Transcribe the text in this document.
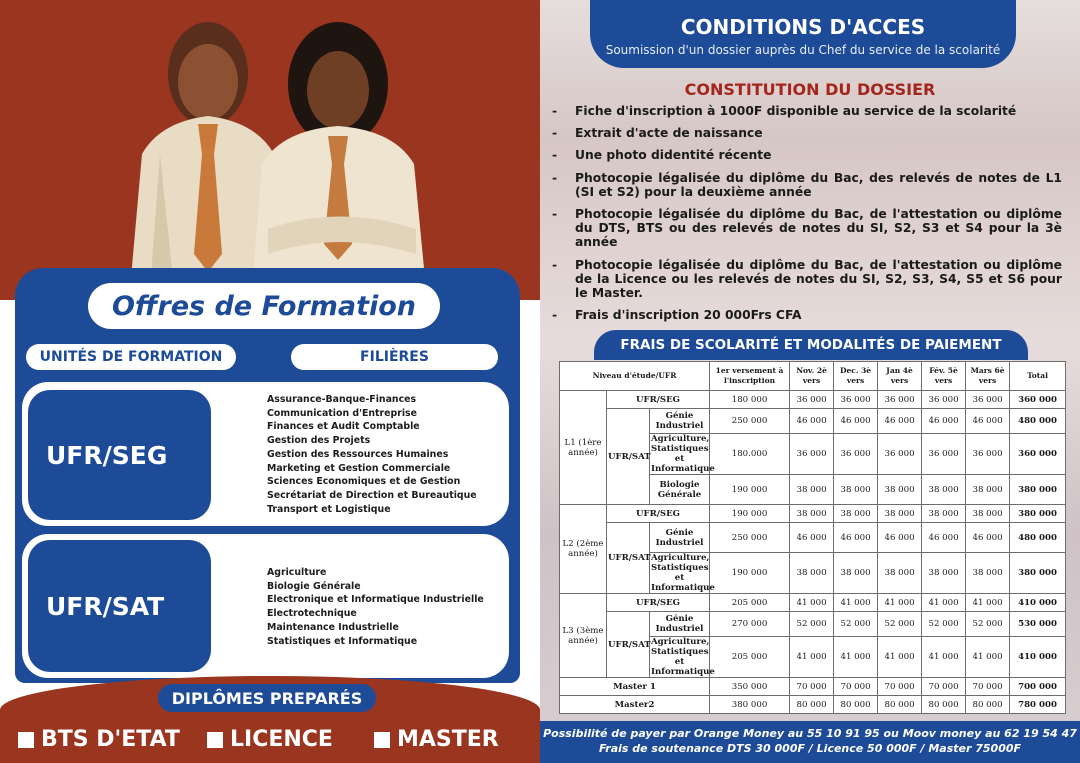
Offres de Formation
UNITÉS DE FORMATION	FILIÈRES
UFR/SEG
Assurance-Banque-Finances
Communication d'Entreprise
Finances et Audit Comptable
Gestion des Projets
Gestion des Ressources Humaines
Marketing et Gestion Commerciale
Sciences Economiques et de Gestion
Secrétariat de Direction et Bureautique
Transport et Logistique
UFR/SAT
Agriculture
Biologie Générale
Electronique et Informatique Industrielle
Electrotechnique
Maintenance Industrielle
Statistiques et Informatique
DIPLÔMES PREPARÉS
BTS D'ETAT LICENCE	MASTER
CONDITIONS D'ACCES
Soumission d'un dossier auprès du Chef du service de la scolarité
CONSTITUTION DU DOSSIER
- Fiche d'inscription à 1000F disponible au service de la scolarité
- Extrait d'acte de naissance
- Une photo didentité récente
- Photocopie légalisée du diplôme du Bac, des relevés de notes de L1 (SI et S2) pour la deuxième année
- Photocopie légalisée du diplôme du Bac, de l'attestation ou diplôme du DTS, BTS ou des relevés de notes du SI, S2, S3 et S4 pour la 3è année
- Photocopie légalisée du diplôme du Bac, de l'attestation ou diplôme de la Licence ou les relevés de notes du SI, S2, S3, S4, S5 et S6 pour le Master.
- Frais d'inscription 20 000Frs CFA
FRAIS DE SCOLARITÉ ET MODALITÉS DE PAIEMENT
Niveau d'étude/UFR			1er versement à l'inscription	Nov. 2è vers	Dec. 3è vers	Jan 4è vers	Fév. 5è vers	Mars 6è vers	Total
L1 (1ère année)	UFR/SEG		180 000	36 000	36 000	36 000	36 000	36 000	360 000
	UFR/SAT	Génie Industriel	250 000	46 000	46 000	46 000	46 000	46 000	480 000
		Agriculture, Statistiques et Informatique	180.000	36 000	36 000	36 000	36 000	36 000	360 000
		Biologie Générale	190 000	38 000	38 000	38 000	38 000	38 000	380 000
L2 (2ème année)	UFR/SEG		190 000	38 000	38 000	38 000	38 000	38 000	380 000
	UFR/SAT	Génie Industriel	250 000	46 000	46 000	46 000	46 000	46 000	480 000
		Agriculture, Statistiques et Informatique	190 000	38 000	38 000	38 000	38 000	38 000	380 000
L3 (3ème année)	UFR/SEG		205 000	41 000	41 000	41 000	41 000	41 000	410 000
	UFR/SAT	Génie Industriel	270 000	52 000	52 000	52 000	52 000	52 000	530 000
		Agriculture, Statistiques et Informatique	205 000	41 000	41 000	41 000	41 000	41 000	410 000
Master 1			350 000	70 000	70 000	70 000	70 000	70 000	700 000
Master2			380 000	80 000	80 000	80 000	80 000	80 000	780 000
Possibilité de payer par Orange Money au 55 10 91 95 ou Moov money au 62 19 54 47
Frais de soutenance DTS 30 000F / Licence 50 000F / Master 75000F
